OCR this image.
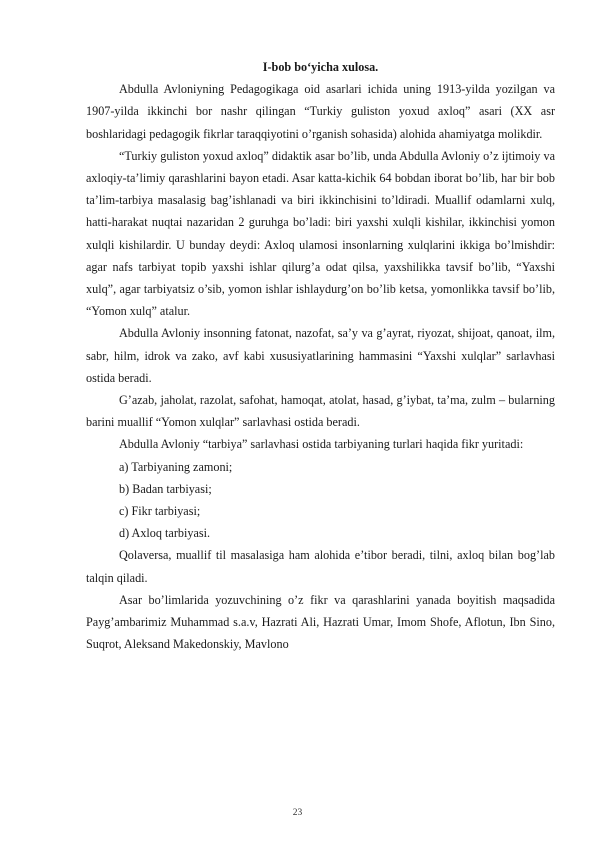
I-bob bo‘yicha xulosa.

Abdulla Avloniyning Pedagogikaga oid asarlari ichida uning 1913-yilda yozilgan va 1907-yilda ikkinchi bor nashr qilingan “Turkiy guliston yoxud axloq” asari (XX asr boshlaridagi pedagogik fikrlar taraqqiyotini o’rganish sohasida) alohida ahamiyatga molikdir.

“Turkiy guliston yoxud axloq” didaktik asar bo’lib, unda Abdulla Avloniy o’z ijtimoiy va axloqiy-ta’limiy qarashlarini bayon etadi. Asar katta-kichik 64 bobdan iborat bo’lib, har bir bob ta’lim-tarbiya masalasig bag’ishlanadi va biri ikkinchisini to’ldiradi. Muallif odamlarni xulq, hatti-harakat nuqtai nazaridan 2 guruhga bo’ladi: biri yaxshi xulqli kishilar, ikkinchisi yomon xulqli kishilardir. U bunday deydi: Axloq ulamosi insonlarning xulqlarini ikkiga bo’lmishdir: agar nafs tarbiyat topib yaxshi ishlar qilurg’a odat qilsa, yaxshilikka tavsif bo’lib, “Yaxshi xulq”, agar tarbiyatsiz o’sib, yomon ishlar ishlaydurg’on bo’lib ketsa, yomonlikka tavsif bo’lib, “Yomon xulq” atalur.

Abdulla Avloniy insonning fatonat, nazofat, sa’y va g’ayrat, riyozat, shijoat, qanoat, ilm, sabr, hilm, idrok va zako, avf kabi xususiyatlarining hammasini “Yaxshi xulqlar” sarlavhasi ostida beradi.

G’azab, jaholat, razolat, safohat, hamoqat, atolat, hasad, g’iybat, ta’ma, zulm – bularning barini muallif “Yomon xulqlar” sarlavhasi ostida beradi.

Abdulla Avloniy “tarbiya” sarlavhasi ostida tarbiyaning turlari haqida fikr yuritadi:

a) Tarbiyaning zamoni;

b) Badan tarbiyasi;

c) Fikr tarbiyasi;

d) Axloq tarbiyasi.

Qolaversa, muallif til masalasiga ham alohida e’tibor beradi, tilni, axloq bilan bog’lab talqin qiladi.

Asar bo’limlarida yozuvchining o’z fikr va qarashlarini yanada boyitish maqsadida Payg’ambarimiz Muhammad s.a.v, Hazrati Ali, Hazrati Umar, Imom Shofe, Aflotun, Ibn Sino, Suqrot, Aleksand Makedonskiy, Mavlono

23
